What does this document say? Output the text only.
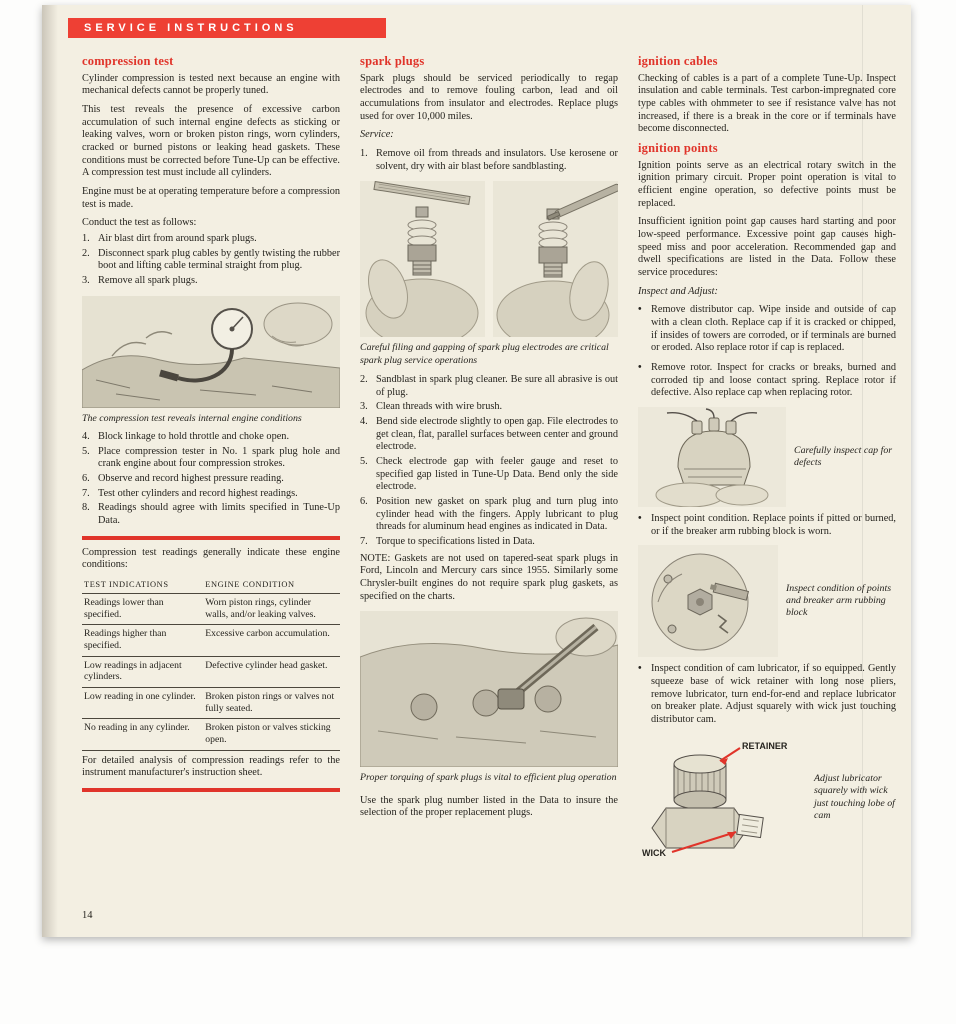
SERVICE INSTRUCTIONS
compression test

Cylinder compression is tested next because an engine with mechanical defects cannot be properly tuned.

This test reveals the presence of excessive carbon accumulation of such internal engine defects as sticking or leaking valves, worn or broken piston rings, worn cylinders, cracked or burned pistons or leaking head gaskets. These conditions must be corrected before Tune-Up can be effective. A compression test must include all cylinders.

Engine must be at operating temperature before a compression test is made.

Conduct the test as follows:

1. Air blast dirt from around spark plugs.
2. Disconnect spark plug cables by gently twisting the rubber boot and lifting cable terminal straight from plug.
3. Remove all spark plugs.
The compression test reveals internal engine conditions
4. Block linkage to hold throttle and choke open.
5. Place compression tester in No. 1 spark plug hole and crank engine about four compression strokes.
6. Observe and record highest pressure reading.
7. Test other cylinders and record highest readings.
8. Readings should agree with limits specified in Tune-Up Data.

Compression test readings generally indicate these engine conditions:

TEST INDICATIONS	ENGINE CONDITION
Readings lower than specified.	Worn piston rings, cylinder walls, and/or leaking valves.
Readings higher than specified.	Excessive carbon accumulation.
Low readings in adjacent cylinders.	Defective cylinder head gasket.
Low reading in one cylinder.	Broken piston rings or valves not fully seated.
No reading in any cylinder.	Broken piston or valves sticking open.

For detailed analysis of compression readings refer to the instrument manufacturer's instruction sheet.

spark plugs

Spark plugs should be serviced periodically to regap electrodes and to remove fouling carbon, lead and oil accumulations from insulator and electrodes. Replace plugs used for over 10,000 miles.

Service:

1. Remove oil from threads and insulators. Use kerosene or solvent, dry with air blast before sandblasting.
Careful filing and gapping of spark plug electrodes are critical spark plug service operations
2. Sandblast in spark plug cleaner. Be sure all abrasive is out of plug.
3. Clean threads with wire brush.
4. Bend side electrode slightly to open gap. File electrodes to get clean, flat, parallel surfaces between center and ground electrode.
5. Check electrode gap with feeler gauge and reset to specified gap listed in Tune-Up Data. Bend only the side electrode.
6. Position new gasket on spark plug and turn plug into cylinder head with the fingers. Apply lubricant to plug threads for aluminum head engines as indicated in Data.
7. Torque to specifications listed in Data.

NOTE: Gaskets are not used on tapered-seat spark plugs in Ford, Lincoln and Mercury cars since 1955. Similarly some Chrysler-built engines do not require spark plug gaskets, as specified on the charts.

Proper torquing of spark plugs is vital to efficient plug operation

Use the spark plug number listed in the Data to insure the selection of the proper replacement plugs.

ignition cables

Checking of cables is a part of a complete Tune-Up. Inspect insulation and cable terminals. Test carbon-impregnated core type cables with ohmmeter to see if resistance valve has not increased, if there is a break in the core or if terminals have become disconnected.

ignition points

Ignition points serve as an electrical rotary switch in the ignition primary circuit. Proper point operation is vital to efficient engine operation, so defective points must be replaced.

Insufficient ignition point gap causes hard starting and poor low-speed performance. Excessive point gap causes high-speed miss and poor acceleration. Recommended gap and dwell specifications are listed in the Data. Follow these service procedures:

Inspect and Adjust:

•
Remove distributor cap. Wipe inside and outside of cap with a clean cloth. Replace cap if it is cracked or chipped, if insides of towers are corroded, or if terminals are burned or eroded. Also replace rotor if cap is replaced.
•
Remove rotor. Inspect for cracks or breaks, burned and corroded tip and loose contact spring. Replace rotor if defective. Also replace cap when replacing rotor.
Carefully inspect cap for defects
•
Inspect point condition. Replace points if pitted or burned, or if the breaker arm rubbing block is worn.
Inspect condition of points and breaker arm rubbing block
•
Inspect condition of cam lubricator, if so equipped. Gently squeeze base of wick retainer with long nose pliers, remove lubricator, turn end-for-end and replace lubricator on breaker plate. Adjust squarely with wick just touching distributor cam.
RETAINER
WICK
Adjust lubricator squarely with wick just touching lobe of cam
14
